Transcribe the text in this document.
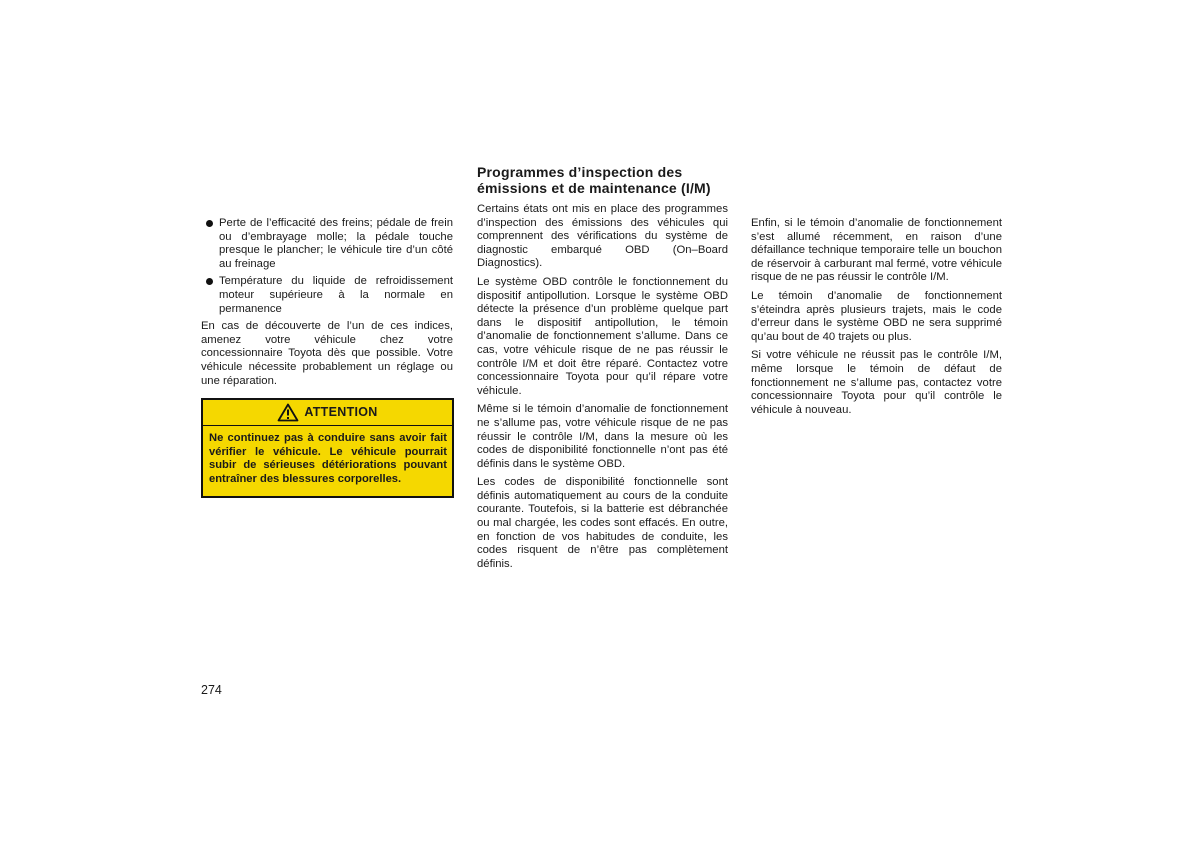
Perte de l’efficacité des freins; pédale de frein ou d’embrayage molle; la pédale touche presque le plancher; le véhicule tire d’un côté au freinage
Température du liquide de refroidissement moteur supérieure à la normale en permanence

En cas de découverte de l’un de ces indices, amenez votre véhicule chez votre concessionnaire Toyota dès que possible. Votre véhicule nécessite probablement un réglage ou une réparation.

ATTENTION
Ne continuez pas à conduire sans avoir fait vérifier le véhicule. Le véhicule pourrait subir de sérieuses détériorations pouvant entraîner des blessures corporelles.
Programmes d’inspection des émissions et de maintenance (I/M)

Certains états ont mis en place des programmes d’inspection des émissions des véhicules qui comprennent des vérifications du système de diagnostic embarqué OBD (On–Board Diagnostics).

Le système OBD contrôle le fonctionnement du dispositif antipollution. Lorsque le système OBD détecte la présence d’un problème quelque part dans le dispositif antipollution, le témoin d’anomalie de fonctionnement s’allume. Dans ce cas, votre véhicule risque de ne pas réussir le contrôle I/M et doit être réparé. Contactez votre concessionnaire Toyota pour qu’il répare votre véhicule.

Même si le témoin d’anomalie de fonctionnement ne s’allume pas, votre véhicule risque de ne pas réussir le contrôle I/M, dans la mesure où les codes de disponibilité fonctionnelle n’ont pas été définis dans le système OBD.

Les codes de disponibilité fonctionnelle sont définis automatiquement au cours de la conduite courante. Toutefois, si la batterie est débranchée ou mal chargée, les codes sont effacés. En outre, en fonction de vos habitudes de conduite, les codes risquent de n’être pas complètement définis.

Enfin, si le témoin d’anomalie de fonctionnement s’est allumé récemment, en raison d’une défaillance technique temporaire telle un bouchon de réservoir à carburant mal fermé, votre véhicule risque de ne pas réussir le contrôle I/M.

Le témoin d’anomalie de fonctionnement s’éteindra après plusieurs trajets, mais le code d’erreur dans le système OBD ne sera supprimé qu’au bout de 40 trajets ou plus.

Si votre véhicule ne réussit pas le contrôle I/M, même lorsque le témoin de défaut de fonctionnement ne s’allume pas, contactez votre concessionnaire Toyota pour qu’il contrôle le véhicule à nouveau.

274
